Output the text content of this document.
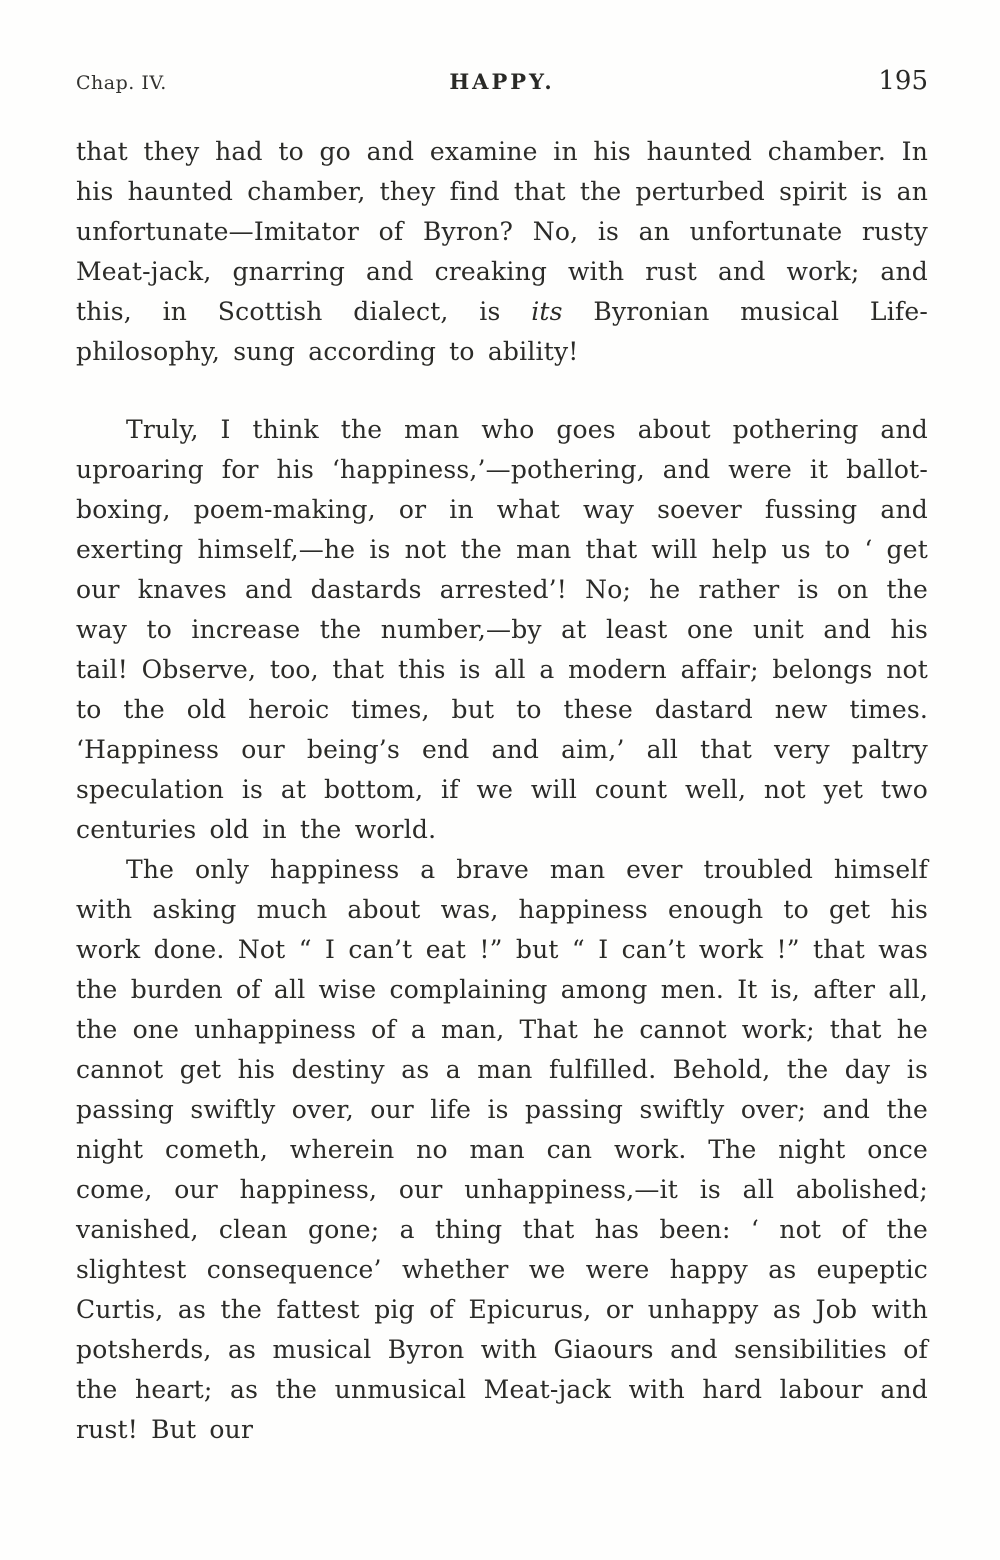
Chap. IV.	HAPPY.	195

that they had to go and examine in his haunted chamber. In his haunted chamber, they find that the perturbed spirit is an unfortunate—Imitator of Byron? No, is an unfortunate rusty Meat-jack, gnarring and creaking with rust and work; and this, in Scottish dialect, is its Byronian musical Life-philosophy, sung according to ability!

Truly, I think the man who goes about pothering and uproaring for his ‘happiness,’—pothering, and were it ballot-boxing, poem-making, or in what way soever fussing and exerting himself,—he is not the man that will help us to ‘ get our knaves and dastards arrested’! No; he rather is on the way to increase the number,—by at least one unit and his tail! Observe, too, that this is all a modern affair; belongs not to the old heroic times, but to these dastard new times. ‘Happiness our being’s end and aim,’ all that very paltry speculation is at bottom, if we will count well, not yet two centuries old in the world.

The only happiness a brave man ever troubled himself with asking much about was, happiness enough to get his work done. Not “ I can’t eat !” but “ I can’t work !” that was the burden of all wise complaining among men. It is, after all, the one unhappiness of a man, That he cannot work; that he cannot get his destiny as a man fulfilled. Behold, the day is passing swiftly over, our life is passing swiftly over; and the night cometh, wherein no man can work. The night once come, our happiness, our unhappiness,—it is all abolished; vanished, clean gone; a thing that has been: ‘ not of the slightest consequence’ whether we were happy as eupeptic Curtis, as the fattest pig of Epicurus, or unhappy as Job with potsherds, as musical Byron with Giaours and sensibilities of the heart; as the unmusical Meat-jack with hard labour and rust! But our
